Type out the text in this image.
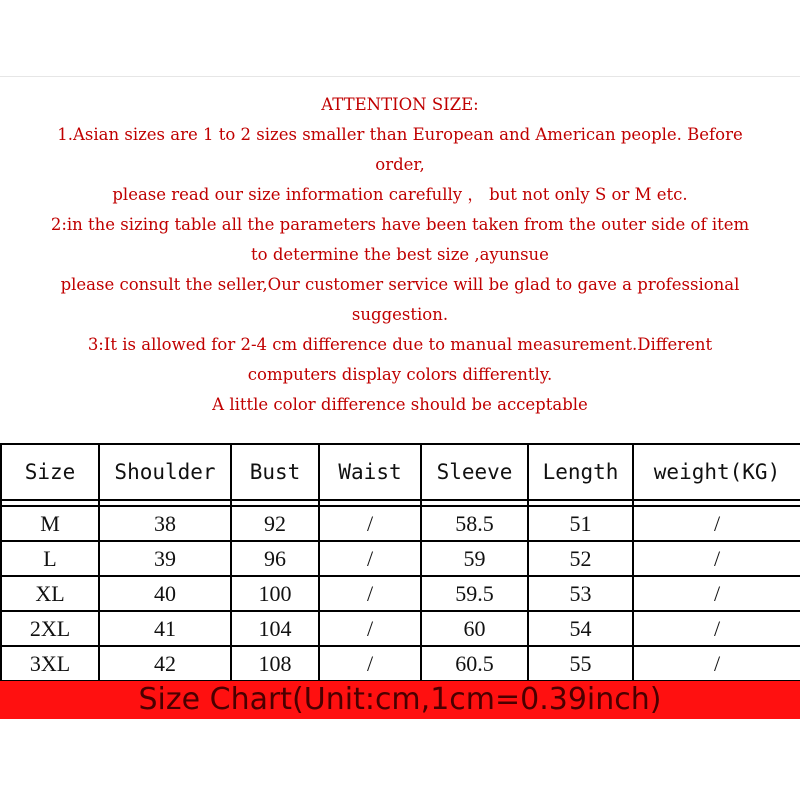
ATTENTION SIZE:
1.Asian sizes are 1 to 2 sizes smaller than European and American people. Before
order,
please read our size information carefully ， but not only S or M etc.
2:in the sizing table all the parameters have been taken from the outer side of item
to determine the best size ,ayunsue
please consult the seller,Our customer service will be glad to gave a professional
suggestion.
3:It is allowed for 2-4 cm difference due to manual measurement.Different
computers display colors differently.
A little color difference should be acceptable
Size	Shoulder	Bust	Waist	Sleeve	Length	weight(KG)

M	38	92	/	58.5	51	/
L	39	96	/	59	52	/
XL	40	100	/	59.5	53	/
2XL	41	104	/	60	54	/
3XL	42	108	/	60.5	55	/
Size Chart(Unit:cm,1cm=0.39inch)
